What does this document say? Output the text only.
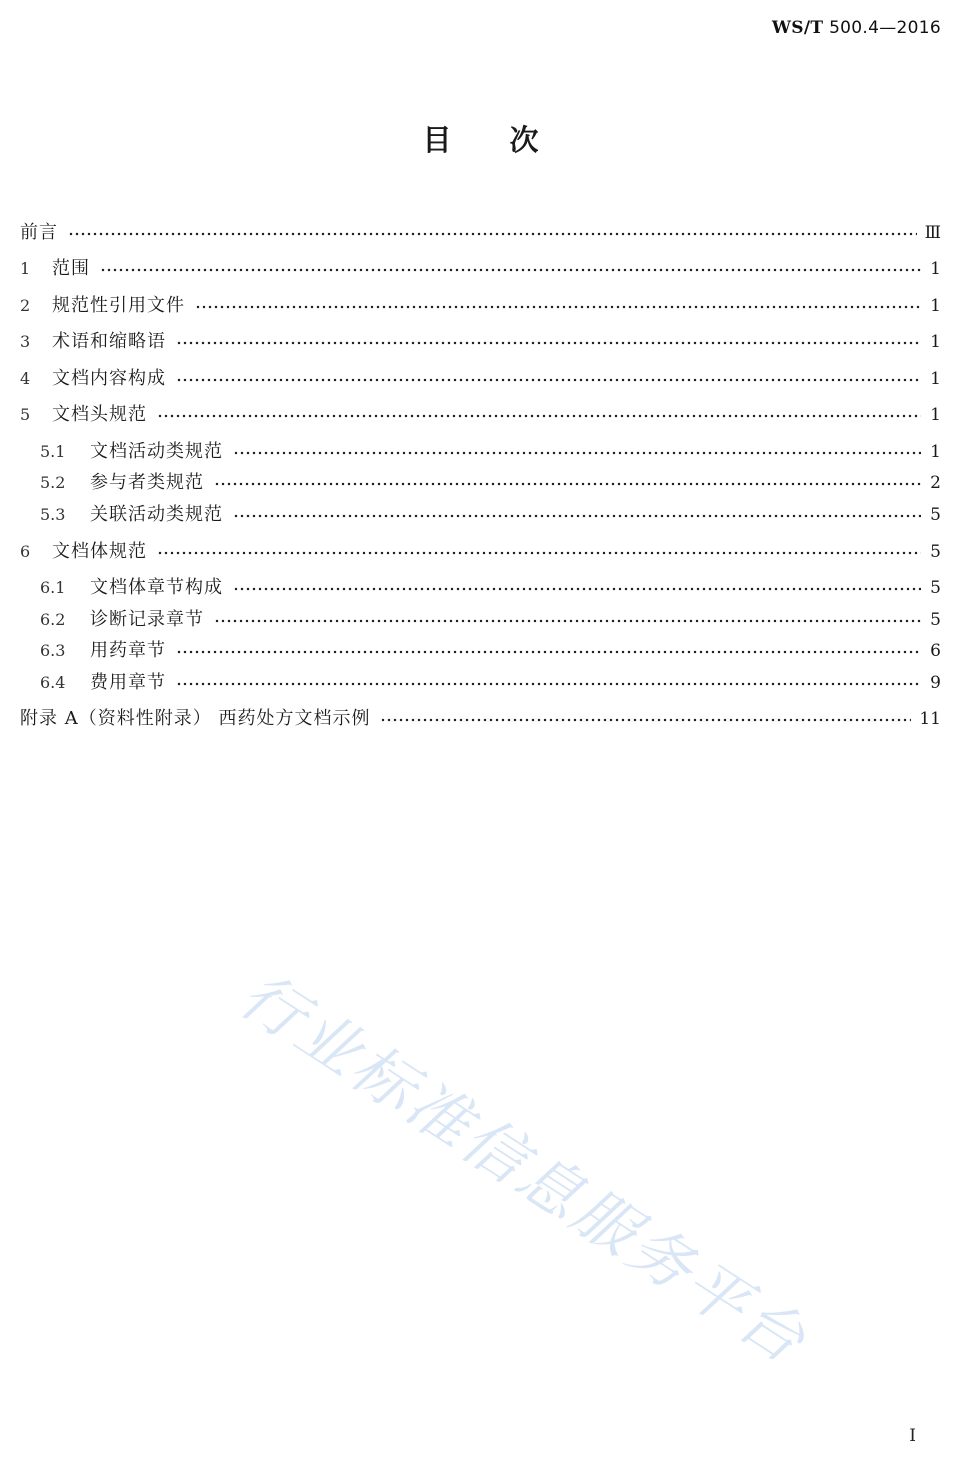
WS/T 500.4—2016
目次
前言	Ⅲ
1	范围	1
2	规范性引用文件	1
3	术语和缩略语	1
4	文档内容构成	1
5	文档头规范	1
5.1	文档活动类规范	1
5.2	参与者类规范	2
5.3	关联活动类规范	5
6	文档体规范	5
6.1	文档体章节构成	5
6.2	诊断记录章节	5
6.3	用药章节	6
6.4	费用章节	9
附录 A（资料性附录） 西药处方文档示例	11
行业标准信息服务平台
I
